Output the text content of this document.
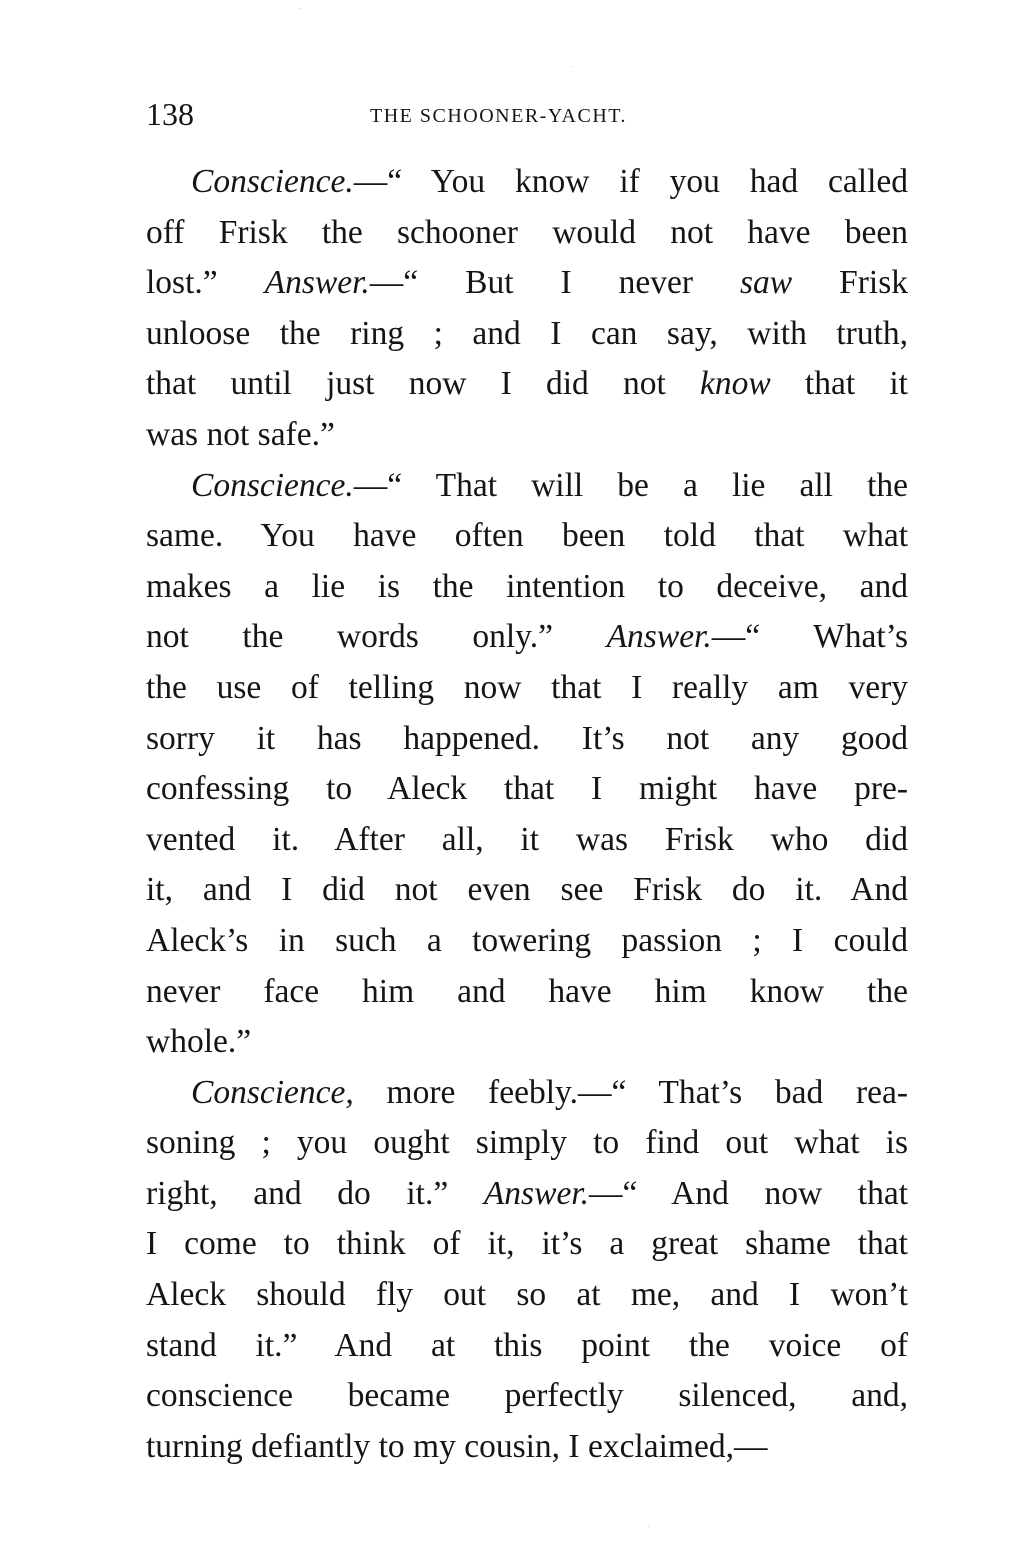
·
·
·
138	THE SCHOONER-YACHT.
Conscience.—“ You know if you had called
off Frisk the schooner would not have been
lost.” Answer.—“ But I never saw Frisk
unloose the ring ; and I can say, with truth,
that until just now I did not know that it
was not safe.”
Conscience.—“ That will be a lie all the
same. You have often been told that what
makes a lie is the intention to deceive, and
not the words only.” Answer.—“ What’s
the use of telling now that I really am very
sorry it has happened. It’s not any good
confessing to Aleck that I might have pre-
vented it. After all, it was Frisk who did
it, and I did not even see Frisk do it. And
Aleck’s in such a towering passion ; I could
never face him and have him know the
whole.”
Conscience, more feebly.—“ That’s bad rea-
soning ; you ought simply to find out what is
right, and do it.” Answer.—“ And now that
I come to think of it, it’s a great shame that
Aleck should fly out so at me, and I won’t
stand it.” And at this point the voice of
conscience became perfectly silenced, and,
turning defiantly to my cousin, I exclaimed,—
